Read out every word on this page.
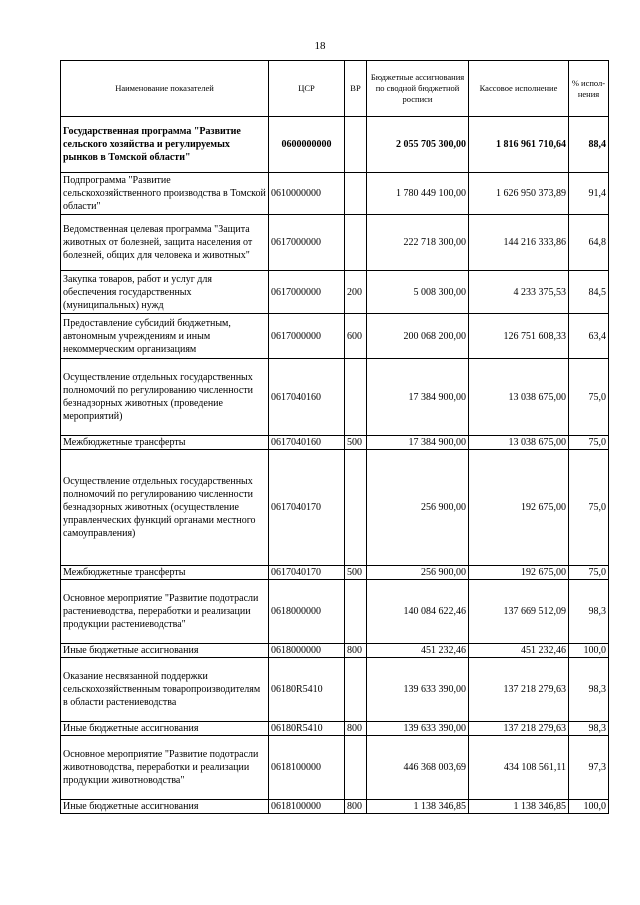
18
Наименование показателей	ЦСР	ВР	Бюджетные ассигнования по сводной бюджетной росписи	Кассовое исполнение	% испол-нения
Государственная программа "Развитие сельского хозяйства и регулируемых рынков в Томской области"	0600000000		2 055 705 300,00	1 816 961 710,64	88,4
Подпрограмма "Развитие сельскохозяйственного производства в Томской области"	0610000000		1 780 449 100,00	1 626 950 373,89	91,4
Ведомственная целевая программа "Защита животных от болезней, защита населения от болезней, общих для человека и животных"	0617000000		222 718 300,00	144 216 333,86	64,8
Закупка товаров, работ и услуг для обеспечения государственных (муниципальных) нужд	0617000000	200	5 008 300,00	4 233 375,53	84,5
Предоставление субсидий бюджетным, автономным учреждениям и иным некоммерческим организациям	0617000000	600	200 068 200,00	126 751 608,33	63,4
Осуществление отдельных государственных полномочий по регулированию численности безнадзорных животных (проведение мероприятий)	0617040160		17 384 900,00	13 038 675,00	75,0
Межбюджетные трансферты	0617040160	500	17 384 900,00	13 038 675,00	75,0
Осуществление отдельных государственных полномочий по регулированию численности безнадзорных животных (осуществление управленческих функций органами местного самоуправления)	0617040170		256 900,00	192 675,00	75,0
Межбюджетные трансферты	0617040170	500	256 900,00	192 675,00	75,0
Основное мероприятие "Развитие подотрасли растениеводства, переработки и реализации продукции растениеводства"	0618000000		140 084 622,46	137 669 512,09	98,3
Иные бюджетные ассигнования	0618000000	800	451 232,46	451 232,46	100,0
Оказание несвязанной поддержки сельскохозяйственным товаропроизводителям в области растениеводства	06180R5410		139 633 390,00	137 218 279,63	98,3
Иные бюджетные ассигнования	06180R5410	800	139 633 390,00	137 218 279,63	98,3
Основное мероприятие "Развитие подотрасли животноводства, переработки и реализации продукции животноводства"	0618100000		446 368 003,69	434 108 561,11	97,3
Иные бюджетные ассигнования	0618100000	800	1 138 346,85	1 138 346,85	100,0
